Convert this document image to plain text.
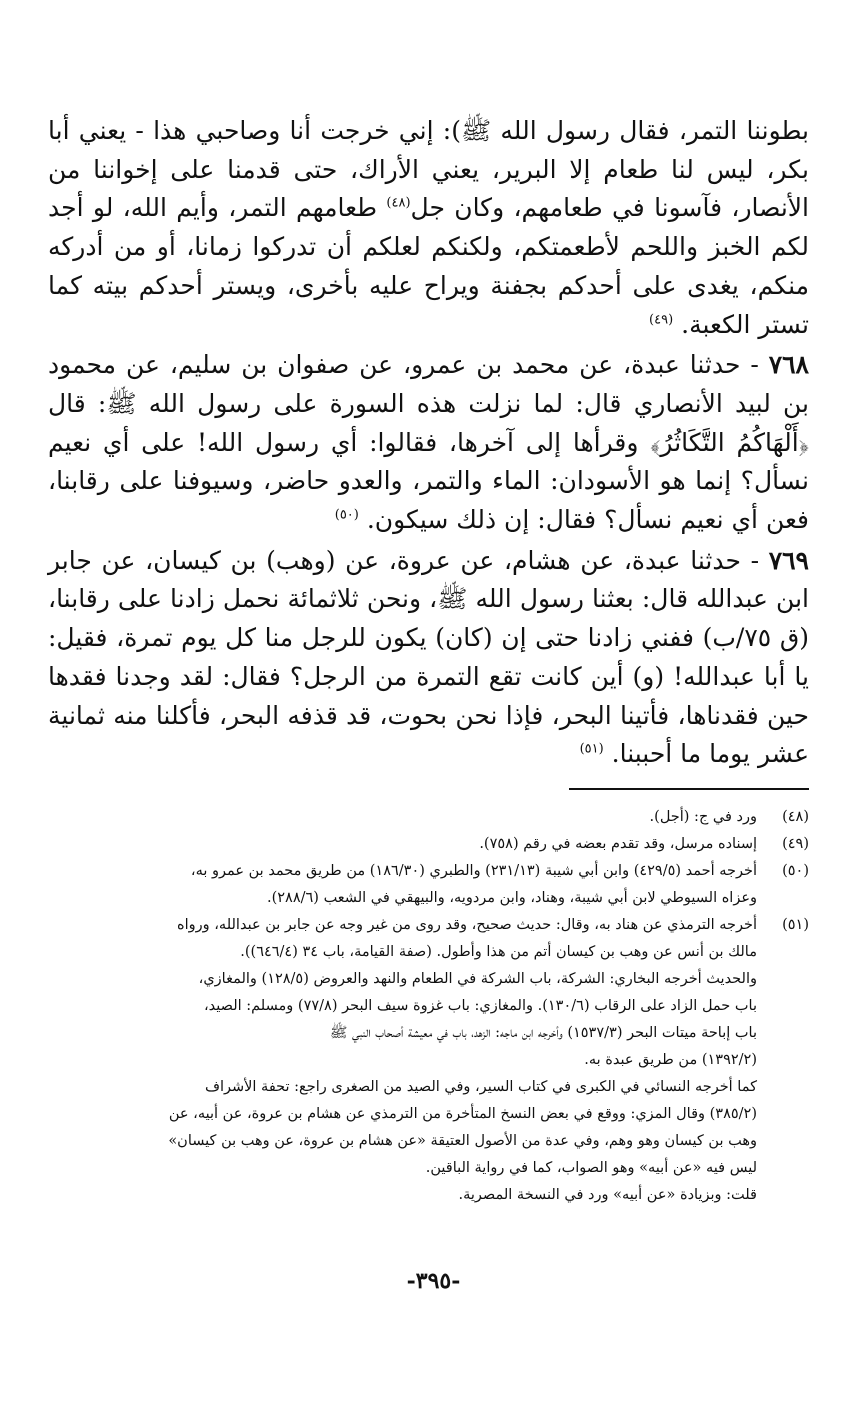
بطوننا التمر، فقال رسول الله ﷺ): إني خرجت أنا وصاحبي هذا - يعني أبا بكر، ليس لنا طعام إلا البرير، يعني الأراك، حتى قدمنا على إخواننا من الأنصار، فآسونا في طعامهم، وكان جل$^{(٤٨)}$ طعامهم التمر، وأيم الله، لو أجد لكم الخبز واللحم لأطعمتكم، ولكنكم لعلكم أن تدركوا زمانا، أو من أدركه منكم، يغدى على أحدكم بجفنة ويراح عليه بأخرى، ويستر أحدكم بيته كما تستر الكعبة. $^{(٤٩)}$

٧٦٨ - حدثنا عبدة، عن محمد بن عمرو، عن صفوان بن سليم، عن محمود بن لبيد الأنصاري قال: لما نزلت هذه السورة على رسول الله ﷺ: قال ﴿أَلْهَاكُمُ التَّكَاثُرُ﴾ وقرأها إلى آخرها، فقالوا: أي رسول الله! على أي نعيم نسأل؟ إنما هو الأسودان: الماء والتمر، والعدو حاضر، وسيوفنا على رقابنا، فعن أي نعيم نسأل؟ فقال: إن ذلك سيكون. $^{(٥٠)}$

٧٦٩ - حدثنا عبدة، عن هشام، عن عروة، عن (وهب) بن كيسان، عن جابر ابن عبدالله قال: بعثنا رسول الله ﷺ، ونحن ثلاثمائة نحمل زادنا على رقابنا، (ق ٧٥/ب) ففني زادنا حتى إن (كان) يكون للرجل منا كل يوم تمرة، فقيل: يا أبا عبدالله! (و) أين كانت تقع التمرة من الرجل؟ فقال: لقد وجدنا فقدها حين فقدناها، فأتينا البحر، فإذا نحن بحوت، قد قذفه البحر، فأكلنا منه ثمانية عشر يوما ما أحببنا. $^{(٥١)}$

(٤٨)

ورد في ج: (أجل).

(٤٩)

إسناده مرسل، وقد تقدم بعضه في رقم (٧٥٨).

(٥٠)

أخرجه أحمد (٤٢٩/٥) وابن أبي شيبة (٢٣١/١٣) والطبري (١٨٦/٣٠) من طريق محمد بن عمرو به،

وعزاه السيوطي لابن أبي شيبة، وهناد، وابن مردويه، والبيهقي في الشعب (٢٨٨/٦).

(٥١)

أخرجه الترمذي عن هناد به، وقال: حديث صحيح، وقد روى من غير وجه عن جابر بن عبدالله، ورواه

مالك بن أنس عن وهب بن كيسان أتم من هذا وأطول. (صفة القيامة، باب ٣٤ (٦٤٦/٤)).

والحديث أخرجه البخاري: الشركة، باب الشركة في الطعام والنهد والعروض (١٢٨/٥) والمغازي،

باب حمل الزاد على الرقاب (١٣٠/٦). والمغازي: باب غزوة سيف البحر (٧٧/٨) ومسلم: الصيد،

باب إباحة ميتات البحر (١٥٣٧/٣) وأخرجه ابن ماجه: الزهد، باب في معيشة أصحاب النبي ﷺ

(١٣٩٢/٢) من طريق عبدة به.

كما أخرجه النسائي في الكبرى في كتاب السير، وفي الصيد من الصغرى راجع: تحفة الأشراف

(٣٨٥/٢) وقال المزي: ووقع في بعض النسخ المتأخرة من الترمذي عن هشام بن عروة، عن أبيه، عن

وهب بن كيسان وهو وهم، وفي عدة من الأصول العتيقة «عن هشام بن عروة، عن وهب بن كيسان»

ليس فيه «عن أبيه» وهو الصواب، كما في رواية الباقين.

قلت: وبزيادة «عن أبيه» ورد في النسخة المصرية.

-٣٩٥-
